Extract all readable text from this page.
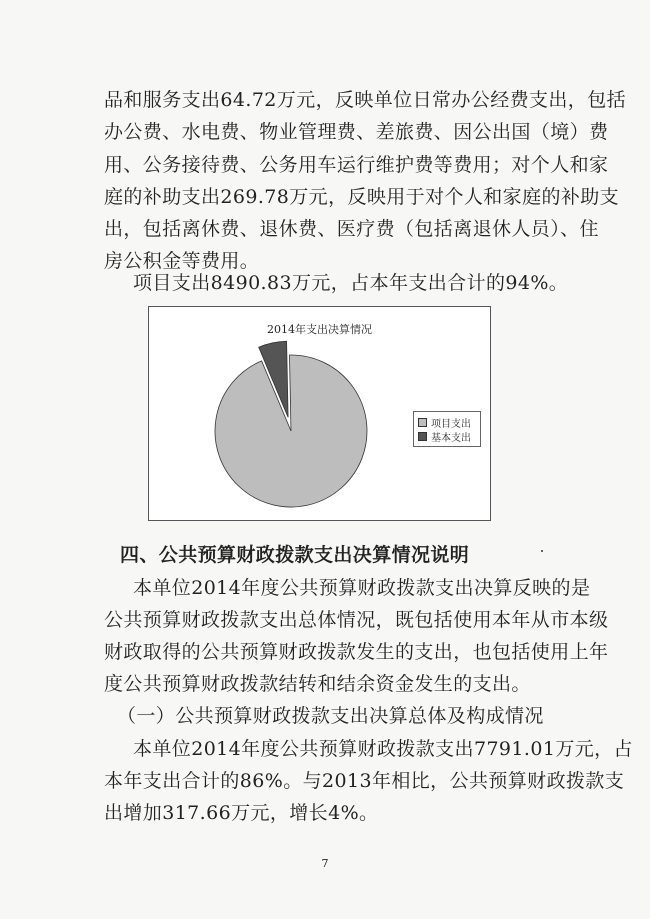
品和服务支出64.72万元，反映单位日常办公经费支出，包括
办公费、水电费、物业管理费、差旅费、因公出国（境）费
用、公务接待费、公务用车运行维护费等费用；对个人和家
庭的补助支出269.78万元，反映用于对个人和家庭的补助支
出，包括离休费、退休费、医疗费（包括离退休人员）、住
房公积金等费用。
项目支出8490.83万元，占本年支出合计的94%。
2014年支出决算情况
项目支出
基本支出
四、公共预算财政拨款支出决算情况说明
本单位2014年度公共预算财政拨款支出决算反映的是
公共预算财政拨款支出总体情况，既包括使用本年从市本级
财政取得的公共预算财政拨款发生的支出，也包括使用上年
度公共预算财政拨款结转和结余资金发生的支出。
（一）公共预算财政拨款支出决算总体及构成情况
本单位2014年度公共预算财政拨款支出7791.01万元，占
本年支出合计的86%。与2013年相比，公共预算财政拨款支
出增加317.66万元，增长4%。
7
